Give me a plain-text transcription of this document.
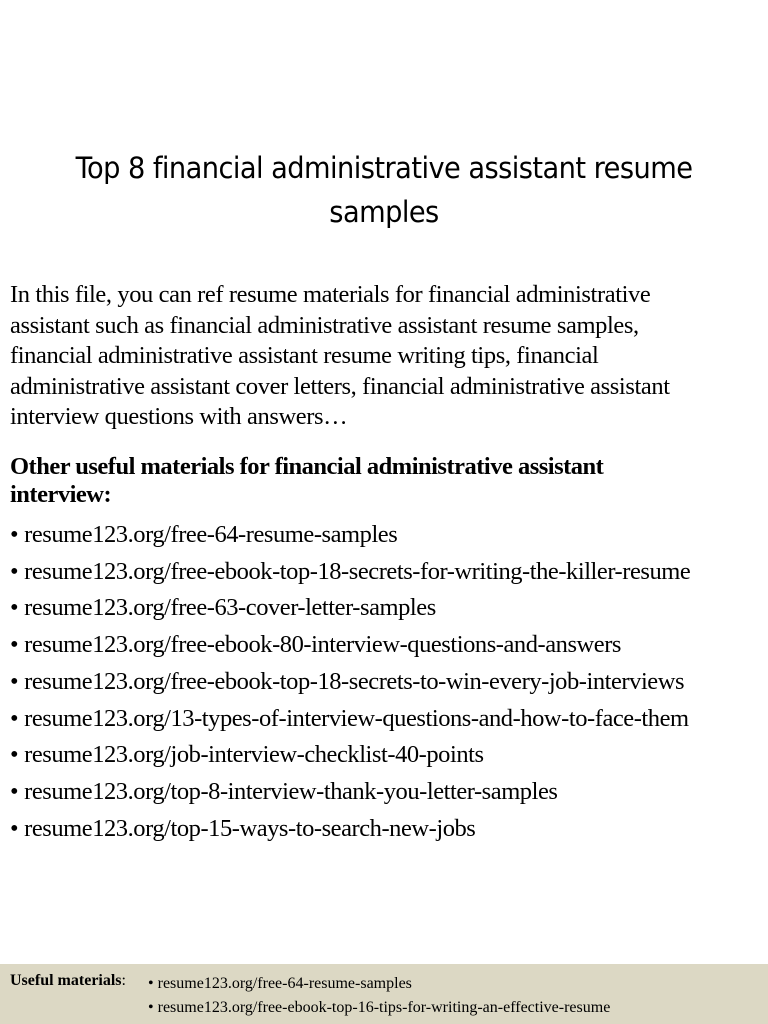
Top 8 financial administrative assistant resume
samples
In this file, you can ref resume materials for financial administrative
assistant such as financial administrative assistant resume samples,
financial administrative assistant resume writing tips, financial
administrative assistant cover letters, financial administrative assistant
interview questions with answers…
Other useful materials for financial administrative assistant
interview:
• resume123.org/free-64-resume-samples
• resume123.org/free-ebook-top-18-secrets-for-writing-the-killer-resume
• resume123.org/free-63-cover-letter-samples
• resume123.org/free-ebook-80-interview-questions-and-answers
• resume123.org/free-ebook-top-18-secrets-to-win-every-job-interviews
• resume123.org/13-types-of-interview-questions-and-how-to-face-them
• resume123.org/job-interview-checklist-40-points
• resume123.org/top-8-interview-thank-you-letter-samples
• resume123.org/top-15-ways-to-search-new-jobs
Useful materials: • resume123.org/free-64-resume-samples
• resume123.org/free-ebook-top-16-tips-for-writing-an-effective-resume
